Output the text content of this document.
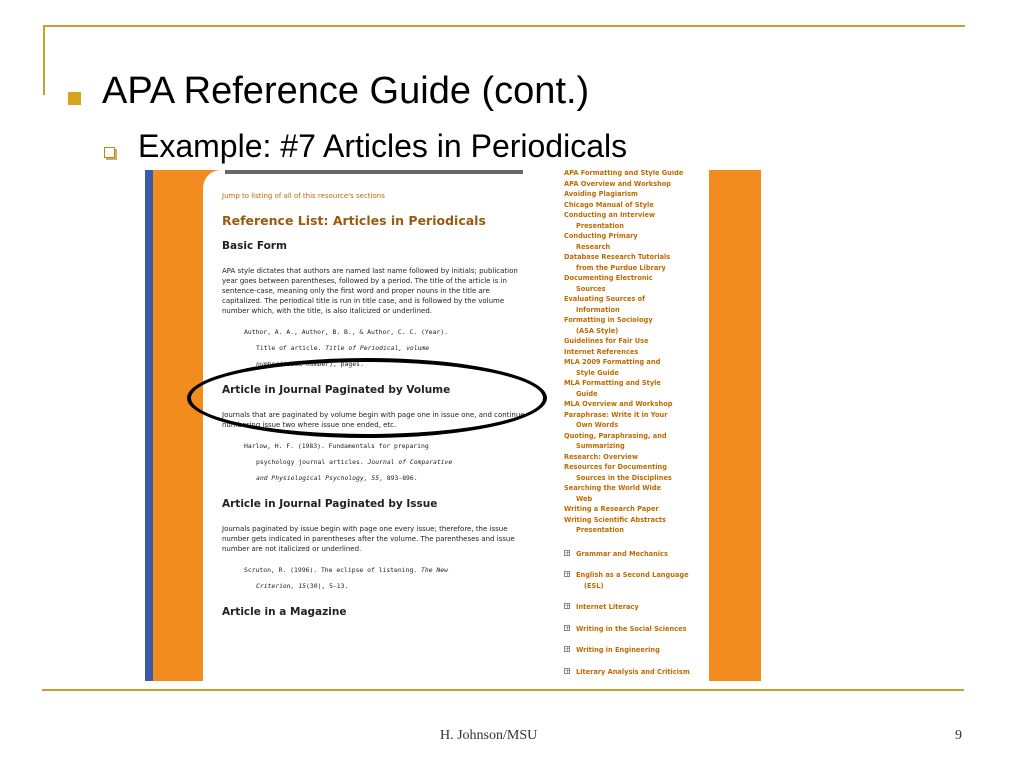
APA Reference Guide (cont.)
Example: #7 Articles in Periodicals
Jump to listing of all of this resource's sections
Reference List: Articles in Periodicals
Basic Form
APA style dictates that authors are named last name followed by initials; publication year goes between parentheses, followed by a period. The title of the article is in sentence-case, meaning only the first word and proper nouns in the title are capitalized. The periodical title is run in title case, and is followed by the volume number which, with the title, is also italicized or underlined.
Author, A. A., Author, B. B., & Author, C. C. (Year).
Title of article. Title of Periodical, volume
number(issue number), pages.
Article in Journal Paginated by Volume
Journals that are paginated by volume begin with page one in issue one, and continue numbering issue two where issue one ended, etc.
Harlow, H. F. (1983). Fundamentals for preparing
psychology journal articles. Journal of Comparative
and Physiological Psychology, 55, 893-896.
Article in Journal Paginated by Issue
Journals paginated by issue begin with page one every issue; therefore, the issue number gets indicated in parentheses after the volume. The parentheses and issue number are not italicized or underlined.
Scruton, R. (1996). The eclipse of listening. The New
Criterion, 15(30), 5-13.
Article in a Magazine
APA Formatting and Style Guide
APA Overview and Workshop
Avoiding Plagiarism
Chicago Manual of Style
Conducting an Interview
Presentation
Conducting Primary
Research
Database Research Tutorials
from the Purdue Library
Documenting Electronic
Sources
Evaluating Sources of
Information
Formatting in Sociology
(ASA Style)
Guidelines for Fair Use
Internet References
MLA 2009 Formatting and
Style Guide
MLA Formatting and Style
Guide
MLA Overview and Workshop
Paraphrase: Write it in Your
Own Words
Quoting, Paraphrasing, and
Summarizing
Research: Overview
Resources for Documenting
Sources in the Disciplines
Searching the World Wide
Web
Writing a Research Paper
Writing Scientific Abstracts
Presentation
+ Grammar and Mechanics
+ English as a Second Language
(ESL)
+ Internet Literacy
+ Writing in the Social Sciences
+ Writing in Engineering
+ Literary Analysis and Criticism
H. Johnson/MSU	9
